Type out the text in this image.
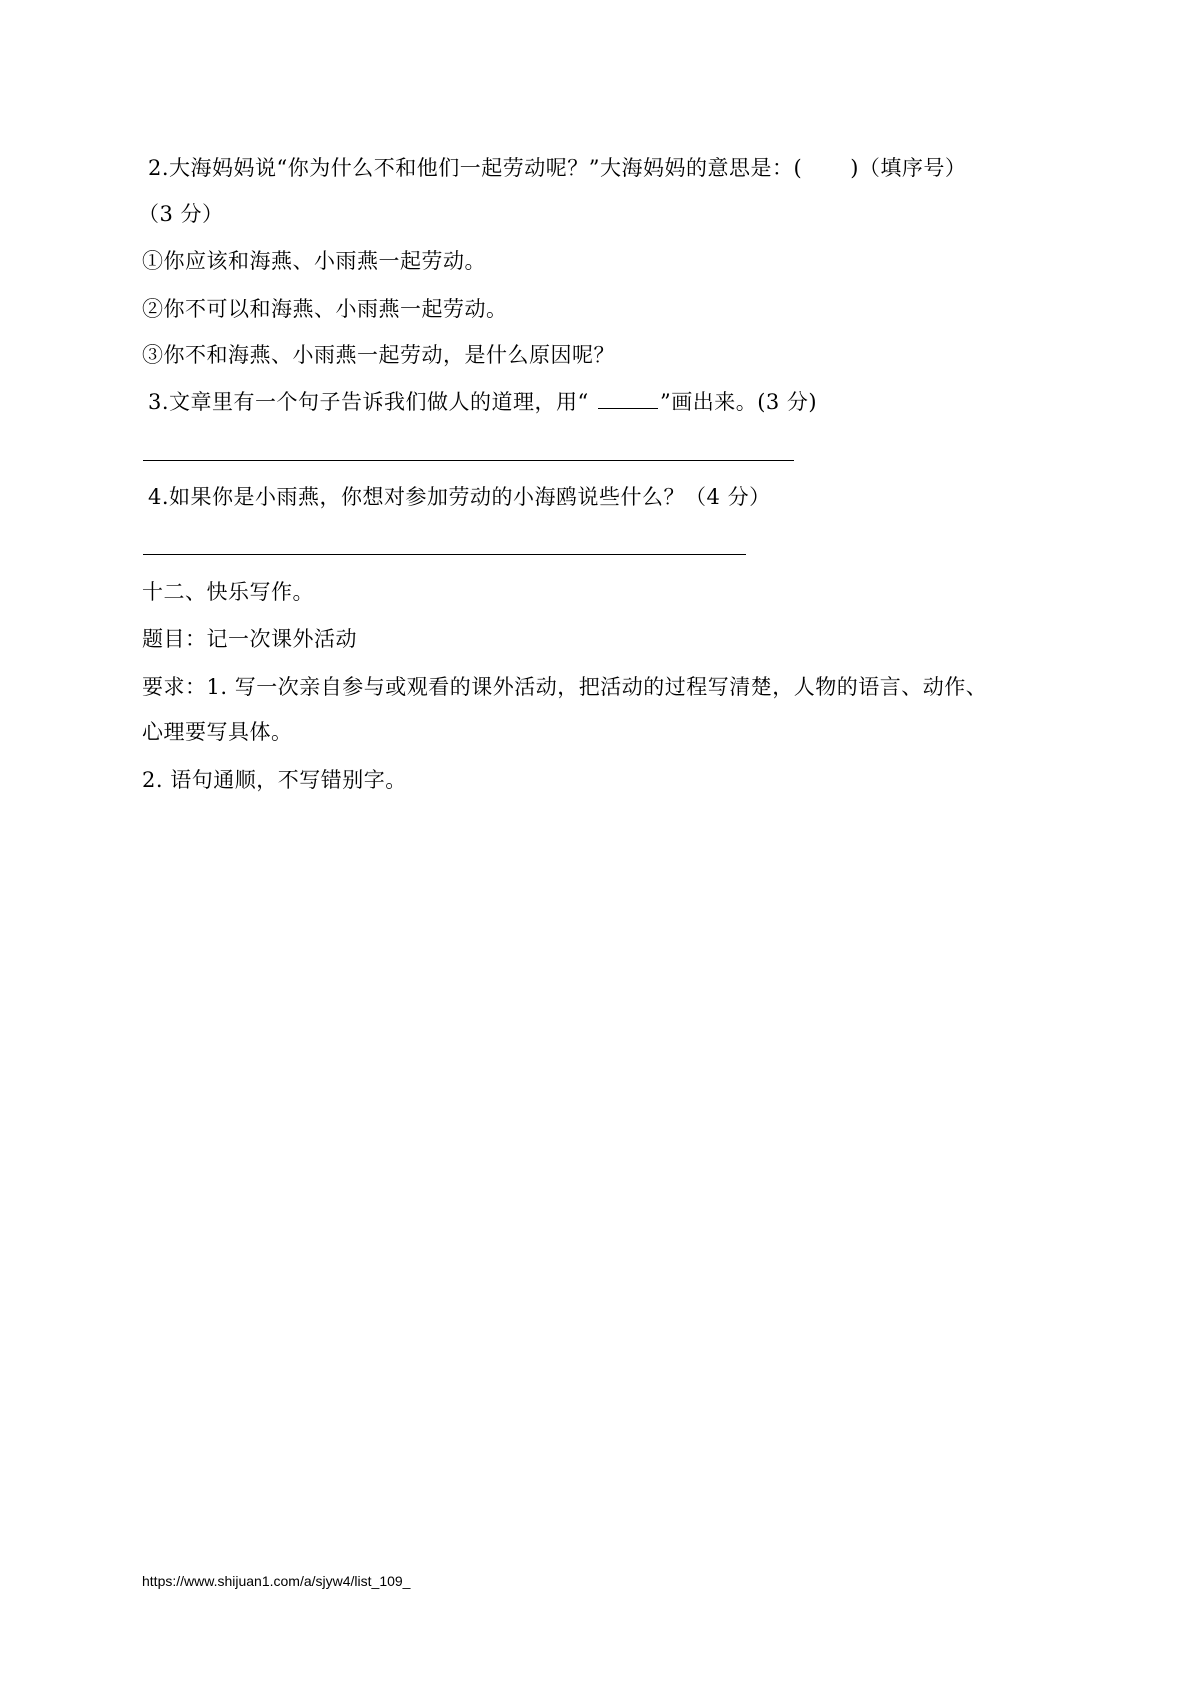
2.大海妈妈说“你为什么不和他们一起劳动呢？”大海妈妈的意思是：( )（填序号）
（3 分）
①你应该和海燕、小雨燕一起劳动。
②你不可以和海燕、小雨燕一起劳动。
③你不和海燕、小雨燕一起劳动，是什么原因呢？
3.文章里有一个句子告诉我们做人的道理，用“	”画出来。(3 分)
4.如果你是小雨燕，你想对参加劳动的小海鸥说些什么？（4 分）
十二、快乐写作。
题目：记一次课外活动
要求：1. 写一次亲自参与或观看的课外活动，把活动的过程写清楚，人物的语言、动作、
心理要写具体。
2. 语句通顺，不写错别字。
https://www.shijuan1.com/a/sjyw4/list_109_
